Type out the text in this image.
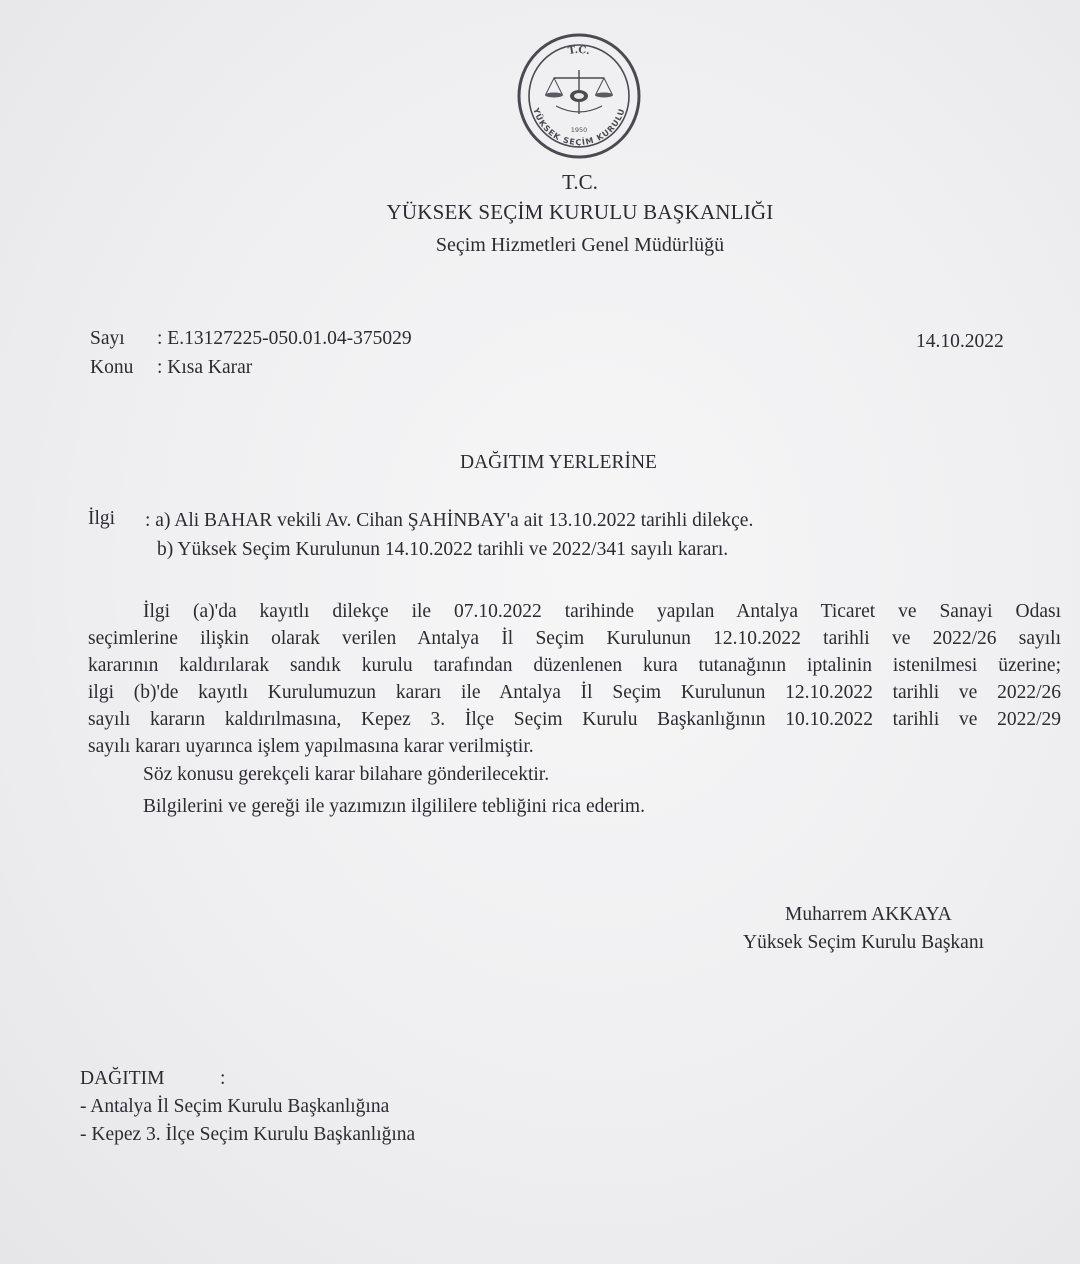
T.C.
YÜKSEK SEÇİM KURULU
1950
T.C.
YÜKSEK SEÇİM KURULU BAŞKANLIĞI
Seçim Hizmetleri Genel Müdürlüğü
Sayı : E.13127225-050.01.04-375029
Konu : Kısa Karar
14.10.2022
DAĞITIM YERLERİNE
İlgi : a) Ali BAHAR vekili Av. Cihan ŞAHİNBAY'a ait 13.10.2022 tarihli dilekçe.
b) Yüksek Seçim Kurulunun 14.10.2022 tarihli ve 2022/341 sayılı kararı.
İlgi (a)'da kayıtlı dilekçe ile 07.10.2022 tarihinde yapılan Antalya Ticaret ve Sanayi Odası
seçimlerine ilişkin olarak verilen Antalya İl Seçim Kurulunun 12.10.2022 tarihli ve 2022/26 sayılı
kararının kaldırılarak sandık kurulu tarafından düzenlenen kura tutanağının iptalinin istenilmesi üzerine;
ilgi (b)'de kayıtlı Kurulumuzun kararı ile Antalya İl Seçim Kurulunun 12.10.2022 tarihli ve 2022/26
sayılı kararın kaldırılmasına, Kepez 3. İlçe Seçim Kurulu Başkanlığının 10.10.2022 tarihli ve 2022/29
sayılı kararı uyarınca işlem yapılmasına karar verilmiştir.
Söz konusu gerekçeli karar bilahare gönderilecektir.
Bilgilerini ve gereği ile yazımızın ilgililere tebliğini rica ederim.
Muharrem AKKAYA
Yüksek Seçim Kurulu Başkanı
DAĞITIM	:
- Antalya İl Seçim Kurulu Başkanlığına
- Kepez 3. İlçe Seçim Kurulu Başkanlığına
